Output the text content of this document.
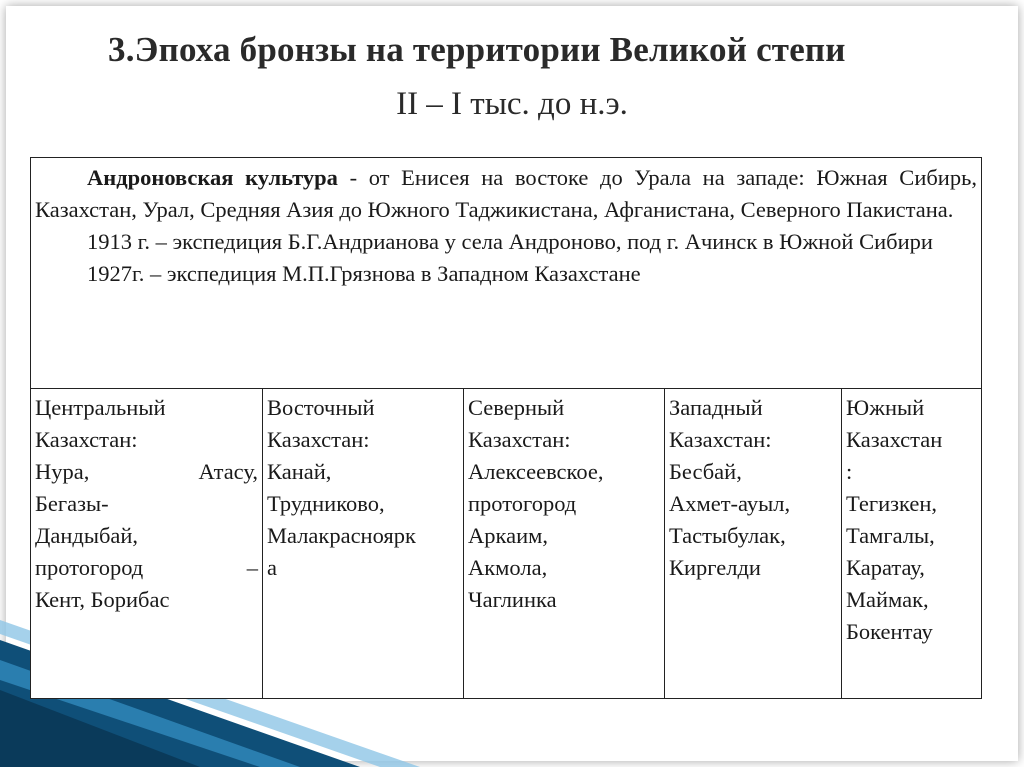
3.Эпоха бронзы на территории Великой степи
II – I тыс. до н.э.

Андроновская культура - от Енисея на востоке до Урала на западе: Южная Сибирь, Казахстан, Урал, Средняя Азия до Южного Таджикистана, Афганистана, Северного Пакистана.

1913 г. – экспедиция Б.Г.Андрианова у села Андроново, под г. Ачинск в Южной Сибири

1927г. – экспедиция М.П.Грязнова в Западном Казахстане

Центральный
Казахстан:
Нура,	Атасу,
Бегазы-
Дандыбай,
протогород	–
Кент, Борибас

Восточный
Казахстан:
Канай,
Трудниково,
Малакрасноярк
а

Северный
Казахстан:
Алексеевское,
протогород
Аркаим,
Акмола,
Чаглинка

Западный
Казахстан:
Бесбай,
Ахмет-ауыл,
Тастыбулак,
Киргелди

Южный
Казахстан
:
Тегизкен,
Тамгалы,
Каратау,
Маймак,
Бокентау
